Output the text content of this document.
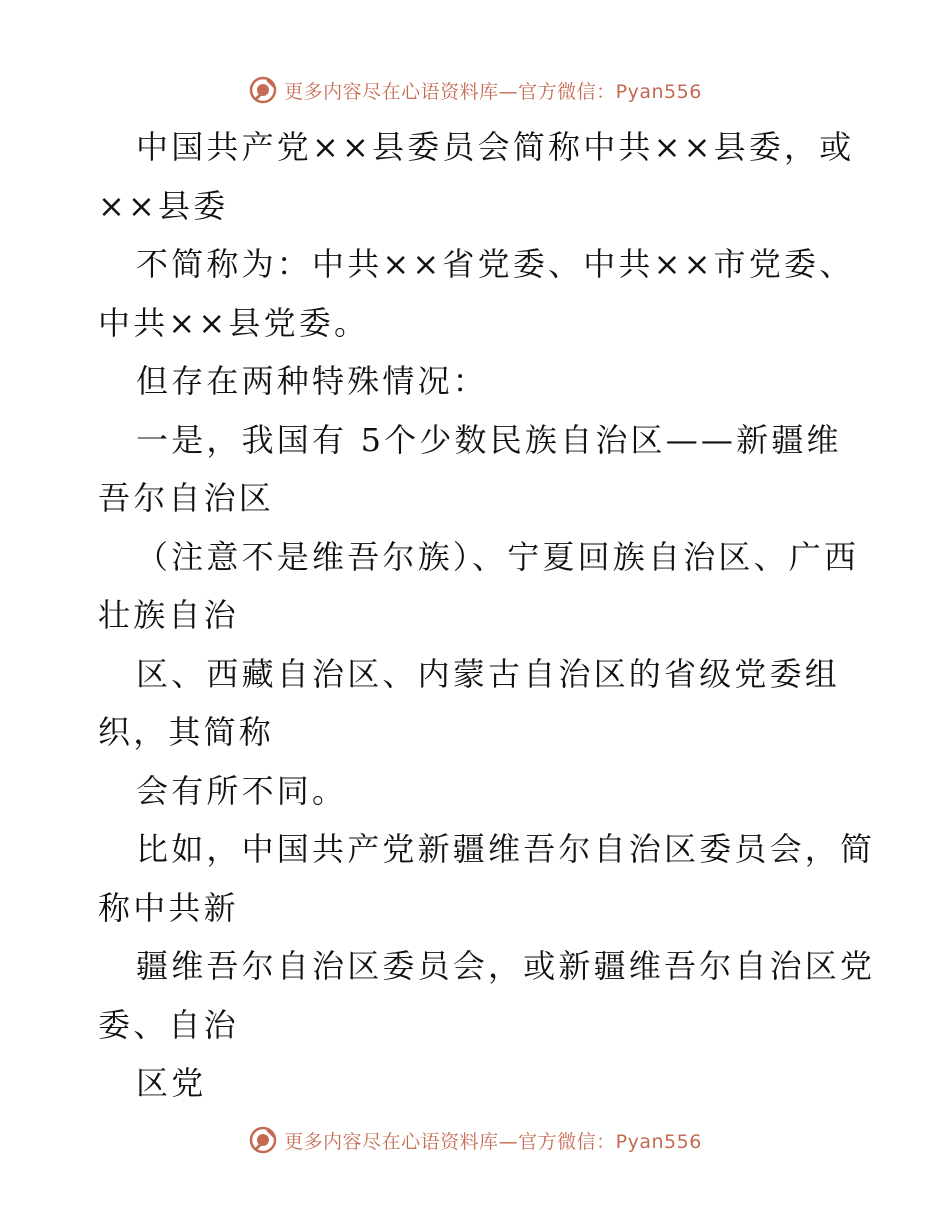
更多内容尽在心语资料库—官方微信：Pyan556
中国共产党××县委员会简称中共××县委，或
××县委
不简称为：中共××省党委、中共××市党委、
中共××县党委。
但存在两种特殊情况：
一是，我国有 5个少数民族自治区——新疆维
吾尔自治区
（注意不是维吾尔族）、宁夏回族自治区、广西
壮族自治
区、西藏自治区、内蒙古自治区的省级党委组
织，其简称
会有所不同。
比如，中国共产党新疆维吾尔自治区委员会，简
称中共新
疆维吾尔自治区委员会，或新疆维吾尔自治区党
委、自治
区党
更多内容尽在心语资料库—官方微信：Pyan556
